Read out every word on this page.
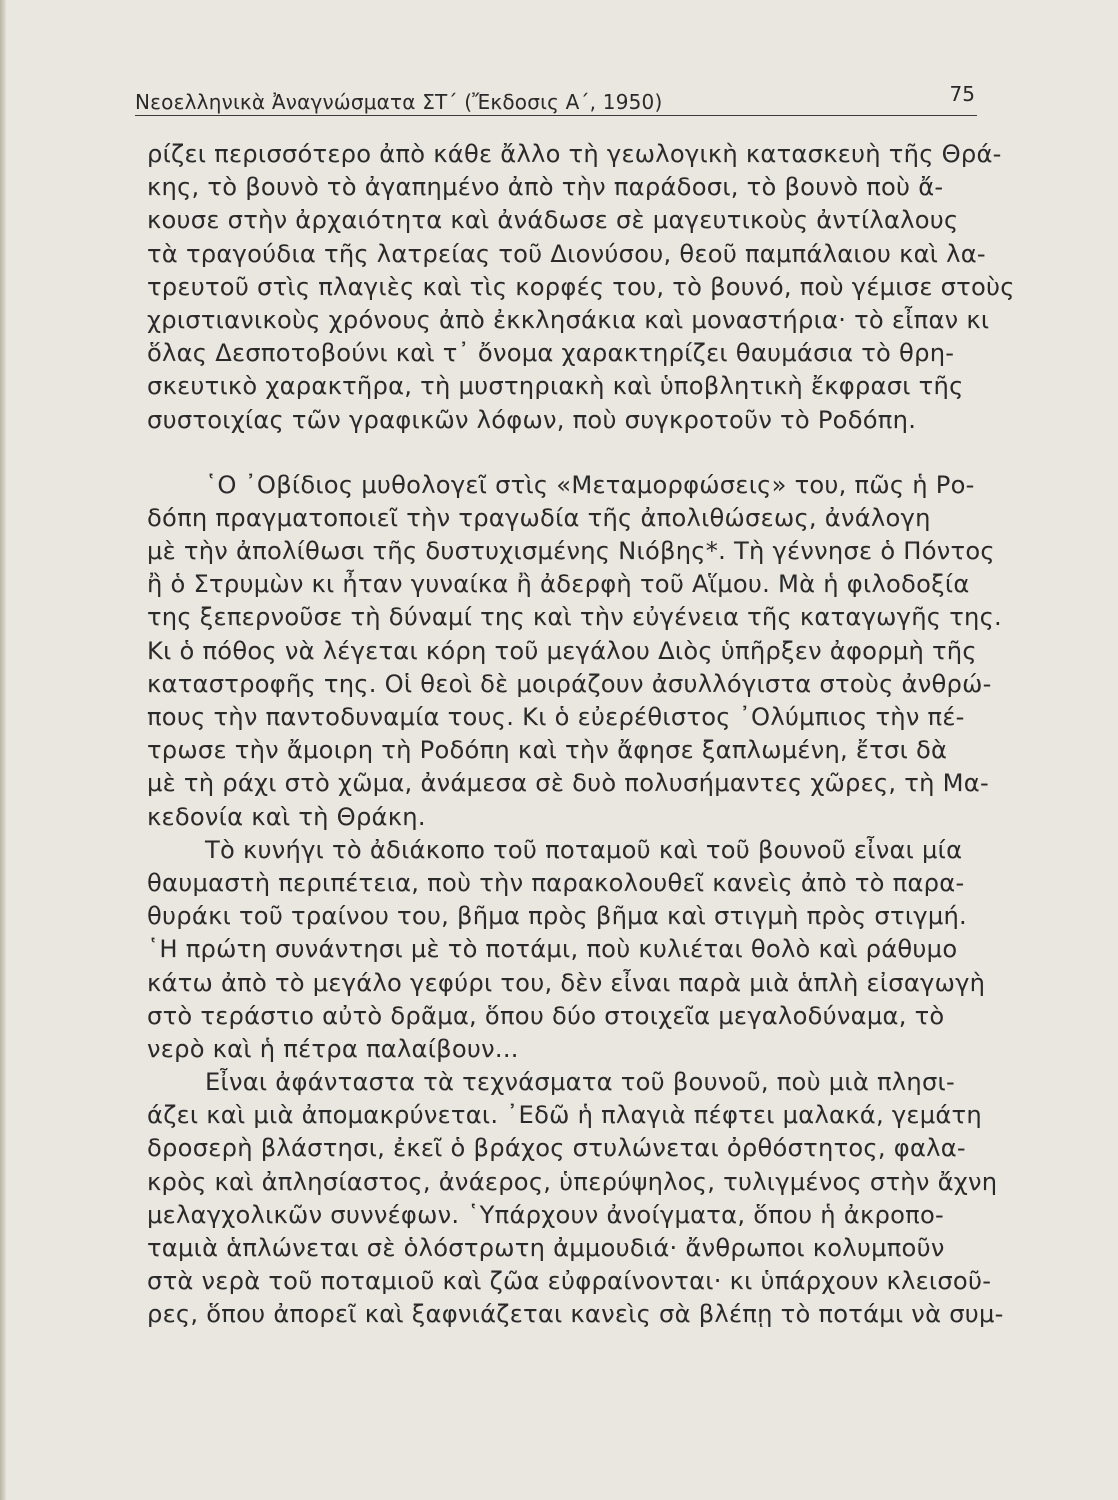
Νεοελληνικὰ Ἀναγνώσματα ΣΤ΄ (Ἔκδοσις Α΄, 1950)	75
ρίζει περισσότερο ἀπὸ κάθε ἄλλο τὴ γεωλογικὴ κατασκευὴ τῆς Θρά-
κης, τὸ βουνὸ τὸ ἀγαπημένο ἀπὸ τὴν παράδοσι, τὸ βουνὸ ποὺ ἄ-
κουσε στὴν ἀρχαιότητα καὶ ἀνάδωσε σὲ μαγευτικοὺς ἀντίλαλους
τὰ τραγούδια τῆς λατρείας τοῦ Διονύσου, θεοῦ παμπάλαιου καὶ λα-
τρευτοῦ στὶς πλαγιὲς καὶ τὶς κορφές του, τὸ βουνό, ποὺ γέμισε στοὺς
χριστιανικοὺς χρόνους ἀπὸ ἐκκλησάκια καὶ μοναστήρια· τὸ εἶπαν κι
ὅλας Δεσποτοβούνι καὶ τ᾿ ὄνομα χαρακτηρίζει θαυμάσια τὸ θρη-
σκευτικὸ χαρακτῆρα, τὴ μυστηριακὴ καὶ ὑποβλητικὴ ἔκφρασι τῆς
συστοιχίας τῶν γραφικῶν λόφων, ποὺ συγκροτοῦν τὸ Ροδόπη.
῾Ο ᾿Οβίδιος μυθολογεῖ στὶς «Μεταμορφώσεις» του, πῶς ἡ Ρο-
δόπη πραγματοποιεῖ τὴν τραγωδία τῆς ἀπολιθώσεως, ἀνάλογη
μὲ τὴν ἀπολίθωσι τῆς δυστυχισμένης Νιόβης*. Τὴ γέννησε ὁ Πόντος
ἢ ὁ Στρυμὼν κι ἦταν γυναίκα ἢ ἀδερφὴ τοῦ Αἵμου. Μὰ ἡ φιλοδοξία
της ξεπερνοῦσε τὴ δύναμί της καὶ τὴν εὐγένεια τῆς καταγωγῆς της.
Κι ὁ πόθος νὰ λέγεται κόρη τοῦ μεγάλου Διὸς ὑπῆρξεν ἀφορμὴ τῆς
καταστροφῆς της. Οἱ θεοὶ δὲ μοιράζουν ἀσυλλόγιστα στοὺς ἀνθρώ-
πους τὴν παντοδυναμία τους. Κι ὁ εὐερέθιστος ᾿Ολύμπιος τὴν πέ-
τρωσε τὴν ἄμοιρη τὴ Ροδόπη καὶ τὴν ἄφησε ξαπλωμένη, ἔτσι δὰ
μὲ τὴ ράχι στὸ χῶμα, ἀνάμεσα σὲ δυὸ πολυσήμαντες χῶρες, τὴ Μα-
κεδονία καὶ τὴ Θράκη.
Τὸ κυνήγι τὸ ἀδιάκοπο τοῦ ποταμοῦ καὶ τοῦ βουνοῦ εἶναι μία
θαυμαστὴ περιπέτεια, ποὺ τὴν παρακολουθεῖ κανεὶς ἀπὸ τὸ παρα-
θυράκι τοῦ τραίνου του, βῆμα πρὸς βῆμα καὶ στιγμὴ πρὸς στιγμή.
῾Η πρώτη συνάντησι μὲ τὸ ποτάμι, ποὺ κυλιέται θολὸ καὶ ράθυμο
κάτω ἀπὸ τὸ μεγάλο γεφύρι του, δὲν εἶναι παρὰ μιὰ ἁπλὴ εἰσαγωγὴ
στὸ τεράστιο αὐτὸ δρᾶμα, ὅπου δύο στοιχεῖα μεγαλοδύναμα, τὸ
νερὸ καὶ ἡ πέτρα παλαίβουν...
Εἶναι ἀφάνταστα τὰ τεχνάσματα τοῦ βουνοῦ, ποὺ μιὰ πλησι-
άζει καὶ μιὰ ἀπομακρύνεται. ᾿Εδῶ ἡ πλαγιὰ πέφτει μαλακά, γεμάτη
δροσερὴ βλάστησι, ἐκεῖ ὁ βράχος στυλώνεται ὀρθόστητος, φαλα-
κρὸς καὶ ἀπλησίαστος, ἀνάερος, ὑπερύψηλος, τυλιγμένος στὴν ἄχνη
μελαγχολικῶν συννέφων. ῾Υπάρχουν ἀνοίγματα, ὅπου ἡ ἀκροπο-
ταμιὰ ἁπλώνεται σὲ ὁλόστρωτη ἀμμουδιά· ἄνθρωποι κολυμποῦν
στὰ νερὰ τοῦ ποταμιοῦ καὶ ζῶα εὐφραίνονται· κι ὑπάρχουν κλεισοῦ-
ρες, ὅπου ἀπορεῖ καὶ ξαφνιάζεται κανεὶς σὰ βλέπῃ τὸ ποτάμι νὰ συμ-
